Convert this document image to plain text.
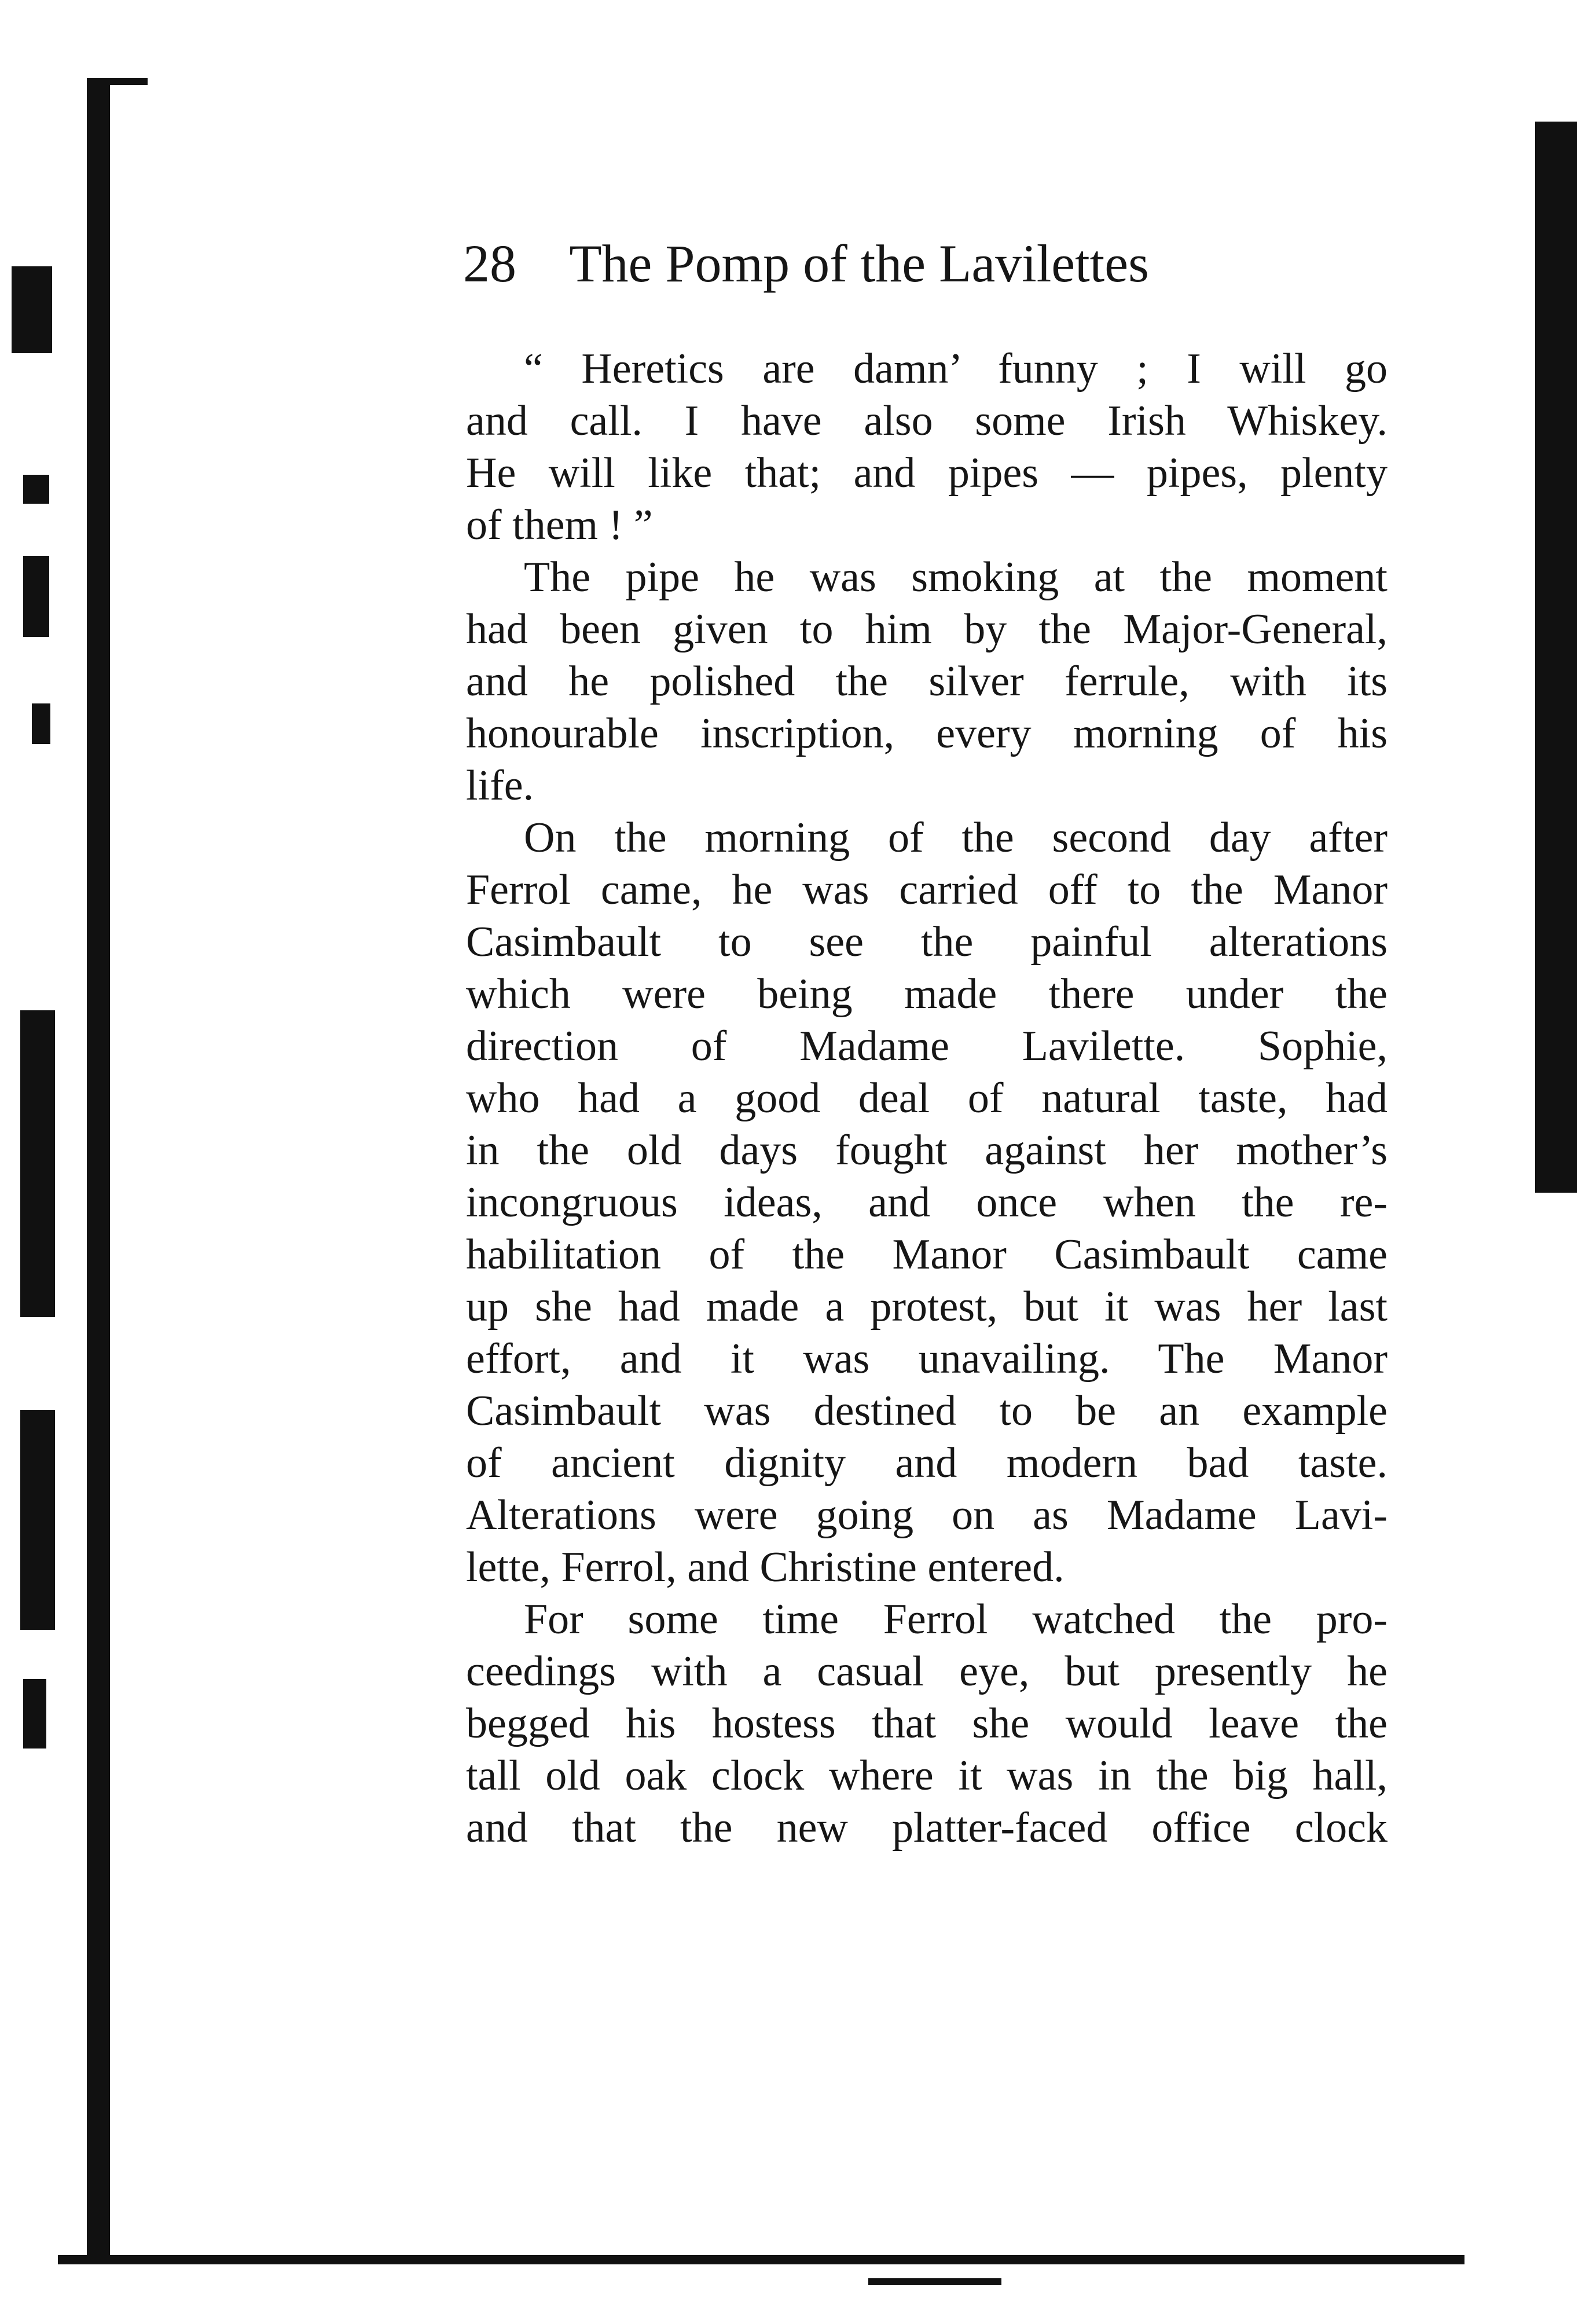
28 The Pomp of the Lavilettes
“ Heretics are damn’ funny ; I will go
and call. I have also some Irish Whiskey.
He will like that; and pipes — pipes, plenty
of them ! ”
The pipe he was smoking at the moment
had been given to him by the Major-General,
and he polished the silver ferrule, with its
honourable inscription, every morning of his
life.
On the morning of the second day after
Ferrol came, he was carried off to the Manor
Casimbault to see the painful alterations
which were being made there under the
direction of Madame Lavilette. Sophie,
who had a good deal of natural taste, had
in the old days fought against her mother’s
incongruous ideas, and once when the re-
habilitation of the Manor Casimbault came
up she had made a protest, but it was her last
effort, and it was unavailing. The Manor
Casimbault was destined to be an example
of ancient dignity and modern bad taste.
Alterations were going on as Madame Lavi-
lette, Ferrol, and Christine entered.
For some time Ferrol watched the pro-
ceedings with a casual eye, but presently he
begged his hostess that she would leave the
tall old oak clock where it was in the big hall,
and that the new platter-faced office clock
